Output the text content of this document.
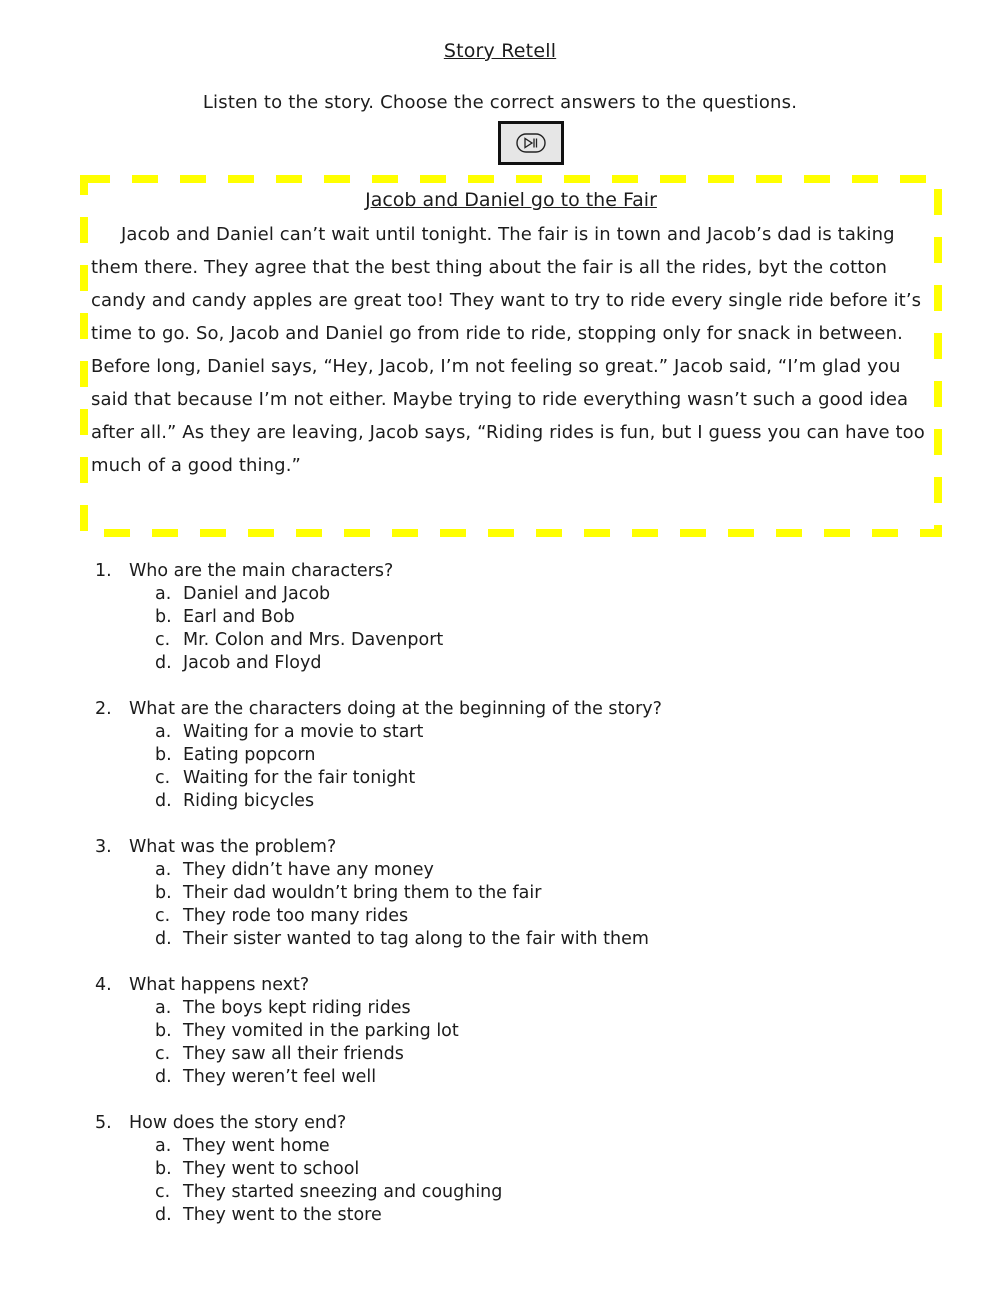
Story Retell
Listen to the story. Choose the correct answers to the questions.
Jacob and Daniel go to the Fair

Jacob and Daniel can’t wait until tonight. The fair is in town and Jacob’s dad is taking them there. They agree that the best thing about the fair is all the rides, byt the cotton candy and candy apples are great too! They want to try to ride every single ride before it’s time to go. So, Jacob and Daniel go from ride to ride, stopping only for snack in between. Before long, Daniel says, “Hey, Jacob, I’m not feeling so great.” Jacob said, “I’m glad you said that because I’m not either. Maybe trying to ride everything wasn’t such a good idea after all.” As they are leaving, Jacob says, “Riding rides is fun, but I guess you can have too much of a good thing.”

1. Who are the main characters?
a. Daniel and Jacob
b. Earl and Bob
c. Mr. Colon and Mrs. Davenport
d. Jacob and Floyd
2. What are the characters doing at the beginning of the story?
a. Waiting for a movie to start
b. Eating popcorn
c. Waiting for the fair tonight
d. Riding bicycles
3. What was the problem?
a. They didn’t have any money
b. Their dad wouldn’t bring them to the fair
c. They rode too many rides
d. Their sister wanted to tag along to the fair with them
4. What happens next?
a. The boys kept riding rides
b. They vomited in the parking lot
c. They saw all their friends
d. They weren’t feel well
5. How does the story end?
a. They went home
b. They went to school
c. They started sneezing and coughing
d. They went to the store
